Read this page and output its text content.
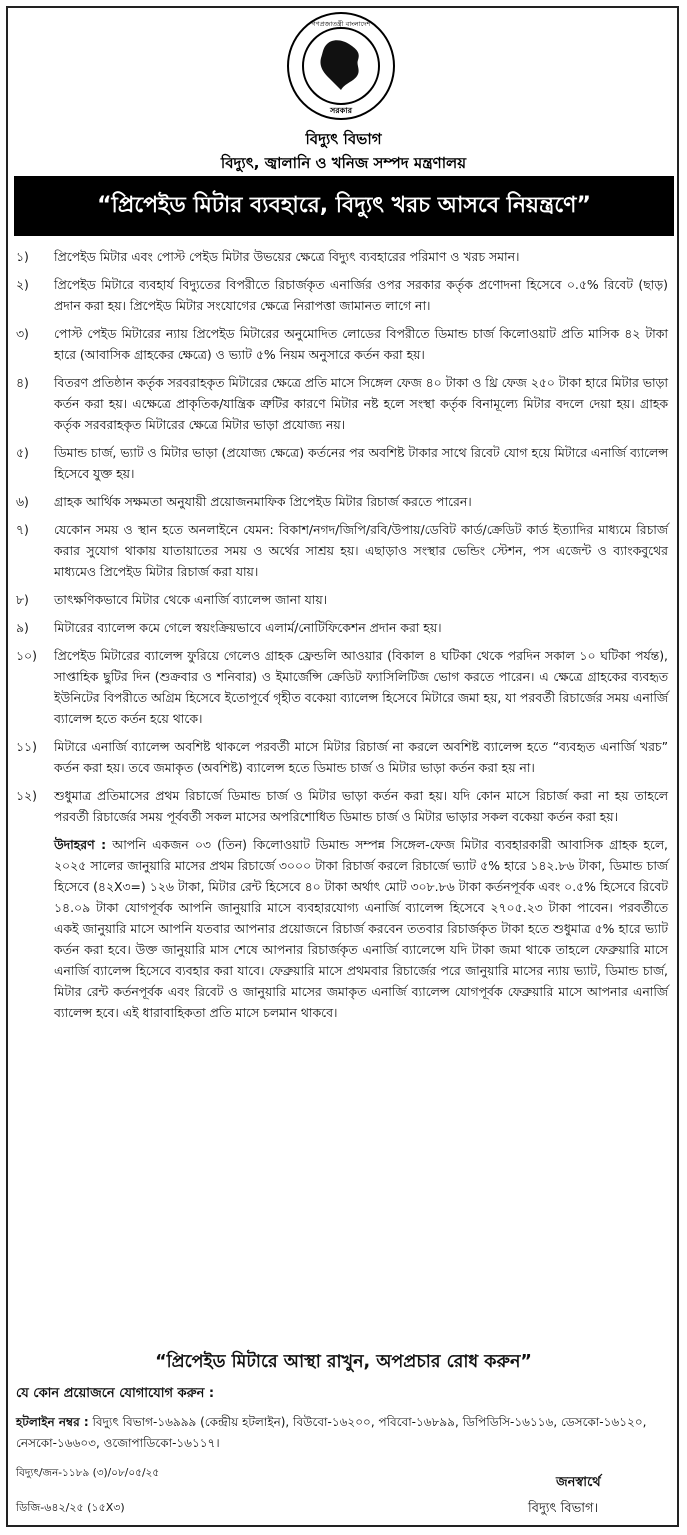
গণপ্রজাতন্ত্রী বাংলাদেশ
সরকার
বিদ্যুৎ বিভাগ
বিদ্যুৎ, জ্বালানি ও খনিজ সম্পদ মন্ত্রণালয়
“প্রিপেইড মিটার ব্যবহারে, বিদ্যুৎ খরচ আসবে নিয়ন্ত্রণে”
১)	প্রিপেইড মিটার এবং পোস্ট পেইড মিটার উভয়ের ক্ষেত্রে বিদ্যুৎ ব্যবহারের পরিমাণ ও খরচ সমান।
২)	প্রিপেইড মিটারে ব্যবহার্য বিদ্যুতের বিপরীতে রিচার্জকৃত এনার্জির ওপর সরকার কর্তৃক প্রণোদনা হিসেবে ০.৫% রিবেট (ছাড়) প্রদান করা হয়। প্রিপেইড মিটার সংযোগের ক্ষেত্রে নিরাপত্তা জামানত লাগে না।
৩)	পোস্ট পেইড মিটারের ন্যায় প্রিপেইড মিটারের অনুমোদিত লোডের বিপরীতে ডিমান্ড চার্জ কিলোওয়াট প্রতি মাসিক ৪২ টাকা হারে (আবাসিক গ্রাহকের ক্ষেত্রে) ও ভ্যাট ৫% নিয়ম অনুসারে কর্তন করা হয়।
৪)	বিতরণ প্রতিষ্ঠান কর্তৃক সরবরাহকৃত মিটারের ক্ষেত্রে প্রতি মাসে সিঙ্গেল ফেজ ৪০ টাকা ও থ্রি ফেজ ২৫০ টাকা হারে মিটার ভাড়া কর্তন করা হয়। এক্ষেত্রে প্রাকৃতিক/যান্ত্রিক ত্রুটির কারণে মিটার নষ্ট হলে সংস্থা কর্তৃক বিনামূল্যে মিটার বদলে দেয়া হয়। গ্রাহক কর্তৃক সরবরাহকৃত মিটারের ক্ষেত্রে মিটার ভাড়া প্রযোজ্য নয়।
৫)	ডিমান্ড চার্জ, ভ্যাট ও মিটার ভাড়া (প্রযোজ্য ক্ষেত্রে) কর্তনের পর অবশিষ্ট টাকার সাথে রিবেট যোগ হয়ে মিটারে এনার্জি ব্যালেন্স হিসেবে যুক্ত হয়।
৬)	গ্রাহক আর্থিক সক্ষমতা অনুযায়ী প্রয়োজনমাফিক প্রিপেইড মিটার রিচার্জ করতে পারেন।
৭)	যেকোন সময় ও স্থান হতে অনলাইনে যেমন: বিকাশ/নগদ/জিপি/রবি/উপায়/ডেবিট কার্ড/ক্রেডিট কার্ড ইত্যাদির মাধ্যমে রিচার্জ করার সুযোগ থাকায় যাতায়াতের সময় ও অর্থের সাশ্রয় হয়। এছাড়াও সংস্থার ভেন্ডিং স্টেশন, পস এজেন্ট ও ব্যাংকবুথের মাধ্যমেও প্রিপেইড মিটার রিচার্জ করা যায়।
৮)	তাৎক্ষণিকভাবে মিটার থেকে এনার্জি ব্যালেন্স জানা যায়।
৯)	মিটারের ব্যালেন্স কমে গেলে স্বয়ংক্রিয়ভাবে এলার্ম/নোটিফিকেশন প্রদান করা হয়।
১০)	প্রিপেইড মিটারের ব্যালেন্স ফুরিয়ে গেলেও গ্রাহক ফ্রেন্ডলি আওয়ার (বিকাল ৪ ঘটিকা থেকে পরদিন সকাল ১০ ঘটিকা পর্যন্ত), সাপ্তাহিক ছুটির দিন (শুক্রবার ও শনিবার) ও ইমার্জেন্সি ক্রেডিট ফ্যাসিলিটিজ ভোগ করতে পারেন। এ ক্ষেত্রে গ্রাহকের ব্যবহৃত ইউনিটের বিপরীতে অগ্রিম হিসেবে ইতোপূর্বে গৃহীত বকেয়া ব্যালেন্স হিসেবে মিটারে জমা হয়, যা পরবর্তী রিচার্জের সময় এনার্জি ব্যালেন্স হতে কর্তন হয়ে থাকে।
১১)	মিটারে এনার্জি ব্যালেন্স অবশিষ্ট থাকলে পরবর্তী মাসে মিটার রিচার্জ না করলে অবশিষ্ট ব্যালেন্স হতে “ব্যবহৃত এনার্জি খরচ” কর্তন করা হয়। তবে জমাকৃত (অবশিষ্ট) ব্যালেন্স হতে ডিমান্ড চার্জ ও মিটার ভাড়া কর্তন করা হয় না।
১২)	শুধুমাত্র প্রতিমাসের প্রথম রিচার্জে ডিমান্ড চার্জ ও মিটার ভাড়া কর্তন করা হয়। যদি কোন মাসে রিচার্জ করা না হয় তাহলে পরবর্তী রিচার্জের সময় পূর্ববর্তী সকল মাসের অপরিশোধিত ডিমান্ড চার্জ ও মিটার ভাড়ার সকল বকেয়া কর্তন করা হয়।
উদাহরণ : আপনি একজন ০৩ (তিন) কিলোওয়াট ডিমান্ড সম্পন্ন সিঙ্গেল-ফেজ মিটার ব্যবহারকারী আবাসিক গ্রাহক হলে, ২০২৫ সালের জানুয়ারি মাসের প্রথম রিচার্জে ৩০০০ টাকা রিচার্জ করলে রিচার্জে ভ্যাট ৫% হারে ১৪২.৮৬ টাকা, ডিমান্ড চার্জ হিসেবে (৪২X৩=) ১২৬ টাকা, মিটার রেন্ট হিসেবে ৪০ টাকা অর্থাৎ মোট ৩০৮.৮৬ টাকা কর্তনপূর্বক এবং ০.৫% হিসেবে রিবেট ১৪.০৯ টাকা যোগপূর্বক আপনি জানুয়ারি মাসে ব্যবহারযোগ্য এনার্জি ব্যালেন্স হিসেবে ২৭০৫.২৩ টাকা পাবেন। পরবর্তীতে একই জানুয়ারি মাসে আপনি যতবার আপনার প্রয়োজনে রিচার্জ করবেন ততবার রিচার্জকৃত টাকা হতে শুধুমাত্র ৫% হারে ভ্যাট কর্তন করা হবে। উক্ত জানুয়ারি মাস শেষে আপনার রিচার্জকৃত এনার্জি ব্যালেন্সে যদি টাকা জমা থাকে তাহলে ফেব্রুয়ারি মাসে এনার্জি ব্যালেন্স হিসেবে ব্যবহার করা যাবে। ফেব্রুয়ারি মাসে প্রথমবার রিচার্জের পরে জানুয়ারি মাসের ন্যায় ভ্যাট, ডিমান্ড চার্জ, মিটার রেন্ট কর্তনপূর্বক এবং রিবেট ও জানুয়ারি মাসের জমাকৃত এনার্জি ব্যালেন্স যোগপূর্বক ফেব্রুয়ারি মাসে আপনার এনার্জি ব্যালেন্স হবে। এই ধারাবাহিকতা প্রতি মাসে চলমান থাকবে।
“প্রিপেইড মিটারে আস্থা রাখুন, অপপ্রচার রোধ করুন”
যে কোন প্রয়োজনে যোগাযোগ করুন :
হটলাইন নম্বর : বিদ্যুৎ বিভাগ-১৬৯৯৯ (কেন্দ্রীয় হটলাইন), বিউবো-১৬২০০, পবিবো-১৬৮৯৯, ডিপিডিসি-১৬১১৬, ডেসকো-১৬১২০, নেসকো-১৬৬০৩, ওজোপাডিকো-১৬১১৭।
বিদ্যুৎ/জন-১১৮৯ (৩)/০৮/০৫/২৫
ডিজি-৬৪২/২৫ (১৫X৩)
জনস্বার্থে
বিদ্যুৎ বিভাগ।
